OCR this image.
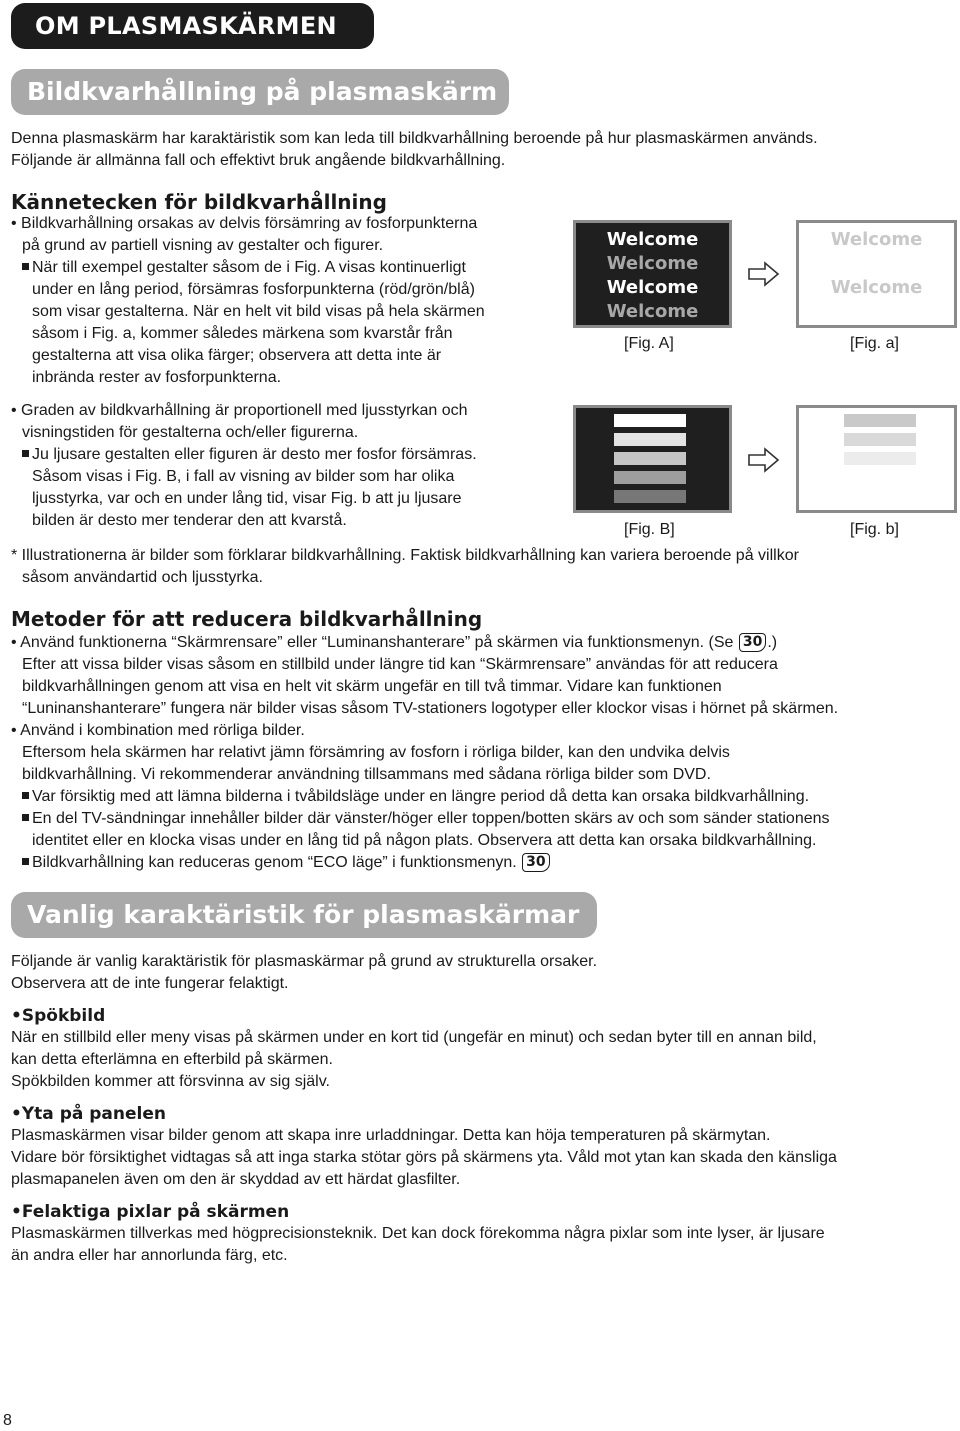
OM PLASMASKÄRMEN
Bildkvarhållning på plasmaskärm

Denna plasmaskärm har karaktäristik som kan leda till bildkvarhållning beroende på hur plasmaskärmen används.

Följande är allmänna fall och effektivt bruk angående bildkvarhållning.

Kännetecken för bildkvarhållning

• Bildkvarhållning orsakas av delvis försämring av fosforpunkterna

på grund av partiell visning av gestalter och figurer.

När till exempel gestalter såsom de i Fig. A visas kontinuerligt

under en lång period, försämras fosforpunkterna (röd/grön/blå)

som visar gestalterna. När en helt vit bild visas på hela skärmen

såsom i Fig. a, kommer således märkena som kvarstår från

gestalterna att visa olika färger; observera att detta inte är

inbrända rester av fosforpunkterna.

• Graden av bildkvarhållning är proportionell med ljusstyrkan och

visningstiden för gestalterna och/eller figurerna.

Ju ljusare gestalten eller figuren är desto mer fosfor försämras.

Såsom visas i Fig. B, i fall av visning av bilder som har olika

ljusstyrka, var och en under lång tid, visar Fig. b att ju ljusare

bilden är desto mer tenderar den att kvarstå.

Welcome
Welcome
Welcome
Welcome
[Fig. A]
Welcome
Welcome
[Fig. a]
[Fig. B]	[Fig. b]

* Illustrationerna är bilder som förklarar bildkvarhållning. Faktisk bildkvarhållning kan variera beroende på villkor

såsom användartid och ljusstyrka.

Metoder för att reducera bildkvarhållning

• Använd funktionerna “Skärmrensare” eller “Luminanshanterare” på skärmen via funktionsmenyn. (Se 30 .)

Efter att vissa bilder visas såsom en stillbild under längre tid kan “Skärmrensare” användas för att reducera

bildkvarhållningen genom att visa en helt vit skärm ungefär en till två timmar. Vidare kan funktionen

“Luninanshanterare” fungera när bilder visas såsom TV-stationers logotyper eller klockor visas i hörnet på skärmen.

• Använd i kombination med rörliga bilder.

Eftersom hela skärmen har relativt jämn försämring av fosforn i rörliga bilder, kan den undvika delvis

bildkvarhållning. Vi rekommenderar användning tillsammans med sådana rörliga bilder som DVD.

Var försiktig med att lämna bilderna i tvåbildsläge under en längre period då detta kan orsaka bildkvarhållning.

En del TV-sändningar innehåller bilder där vänster/höger eller toppen/botten skärs av och som sänder stationens

identitet eller en klocka visas under en lång tid på någon plats. Observera att detta kan orsaka bildkvarhållning.

Bildkvarhållning kan reduceras genom “ECO läge” i funktionsmenyn. 30

Vanlig karaktäristik för plasmaskärmar

Följande är vanlig karaktäristik för plasmaskärmar på grund av strukturella orsaker.

Observera att de inte fungerar felaktigt.

•Spökbild

När en stillbild eller meny visas på skärmen under en kort tid (ungefär en minut) och sedan byter till en annan bild,

kan detta efterlämna en efterbild på skärmen.

Spökbilden kommer att försvinna av sig själv.

•Yta på panelen

Plasmaskärmen visar bilder genom att skapa inre urladdningar. Detta kan höja temperaturen på skärmytan.

Vidare bör försiktighet vidtagas så att inga starka stötar görs på skärmens yta. Våld mot ytan kan skada den känsliga

plasmapanelen även om den är skyddad av ett härdat glasfilter.

•Felaktiga pixlar på skärmen

Plasmaskärmen tillverkas med högprecisionsteknik. Det kan dock förekomma några pixlar som inte lyser, är ljusare

än andra eller har annorlunda färg, etc.

8
